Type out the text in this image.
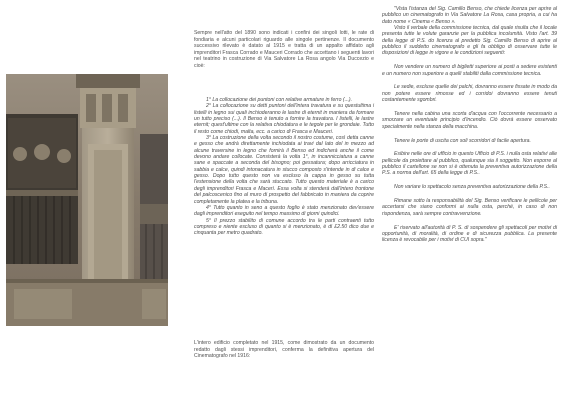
Sempre nell'atto del 1890 sono indicati i confini dei singoli lotti, le rate di fondiaria e alcuni particolari riguardo alle singole pertinenze. Il documento successivo rilevato è datato al 1915 e tratta di un appalto affidato agli imprenditori Frasca Corrado e Mauceri Corrado che accettano i seguenti lavori nel teatrino in costruzione di Via Salvatore La Rosa angolo Via Duccezio e cioè:

1° La collocazione dei puntoni con relative armature in ferro (...).

2° La collocazione su detti puntoni dell'intera travatura e su questultima i listelli in legno sui quali inchioderanno le lastre di eternit in maniera da formare un tutto preciso (...). Il Benso è tenuto a fornire la travatura. I listelli, le lastre eternit; quest'ultime con la relativa chiodatura e le tegole per le grondaie. Tutto il resto come chiodi, malta, ecc. a carico di Frasca e Mauceri.

3° La costruzione della volta secondo il nostro costume, così detta canne e gesso che andrà direttamente inchiodata ai travi dal lato del in mezzo ad alcune traversine in legno che fornirà il Benso ed indicherà anche il come devono andare collocate. Consisterà la volta 1°, in incannicciatura a canne sane e spaccate a seconda del bisogno; poi gessatura; dopo arricciatura in sabbia e calce, quindi intonacatura in stucco composto s'intende in di calce e gesso. Dopo tutto questo non va escluso la cappa in gesso su tutta l'estensione della volta che sarà stuccato. Tutto questo materiale è a carico degli imprenditori Frasca e Macerì. Essa volta si stenderà dall'intero frontone del palcoscenico fino al muro di prospetto del fabbricato in maniera da coprire completamente la platea e la tribuna.

4° Tutto quanto in seno a questo foglio è stato menzionato dev'essere dagli imprenditori eseguito nel tempo massimo di giorni quindici.

5° Il prezzo stabilito di comune accordo tra le parti contraenti tutto compreso e niente escluso di quanto si è menzionato, è di £2.50 dico due e cinquanta per metro quadrato.

L'intero edificio completato nel 1915, come dimostrato da un documento redatto dagli stessi imprenditori, conferma la definitiva apertura del Cinematografo nel 1916:

"Vista l'istanza del Sig. Camillo Benso, che chiede licenza per aprire al pubblico un cinematografo in Via Salvatore La Rosa, casa propria, a cui ha dato nome « Cinema « Benso ».

Visto il verbale della commissione tecnica, dal quale risulta che il locale presenta tutte le volute garanzie per la pubblica incolumità. Visto l'art. 39 della legge di P.S. do licenza al predetto Sig. Camillo Benso di aprire al pubblico il suddetto cinematografo e gli fa obbligo di osservare tutte le disposizioni di legge in vigore e le condizioni seguenti:

Non vendere un numero di biglietti superiore ai posti a sedere esistenti e un numero non superiore a quelli stabiliti dalla commissione tecnica.

Le sedie, escluse quelle dei palchi, dovranno essere fissate in modo da non potere essere rimosse ed i corridoi dovranno essere tenuti costantemente sgombri.

Tenere nella cabina una scorta d'acqua con l'occorrente necessario a smorzare un eventuale principio d'incendio. Ciò dovrà essere osservato specialmente nella stanza della macchina.

Tenere le porte di uscita con soli scorridori di facile apertura.

Esibire nelle ore di ufficio in questo Ufficio di P.S. i nulla osta relativi alle pellicole da proiettare al pubblico, qualunque sia il soggetto. Non esporre al pubblico il cartellone se non si è ottenuta la preventiva autorizzazione della P.S. a norma dell'art. 65 della legge di P.S..

Non variare lo spettacolo senza preventiva autorizzazione della P.S..

Rimane sotto la responsabilità del Sig. Benso verificare le pellicole per accertarsi che siano conformi ai nulla osta, perché, in caso di non rispondenza, sarà sempre contravvenzione.

E' riservato all'autorità di P. S. di sospendere gli spettacoli per motivi di opportunità, di moralità, di ordine e di sicurezza pubblica. La presente licenza è revocabile per i motivi di CUI sopra."
